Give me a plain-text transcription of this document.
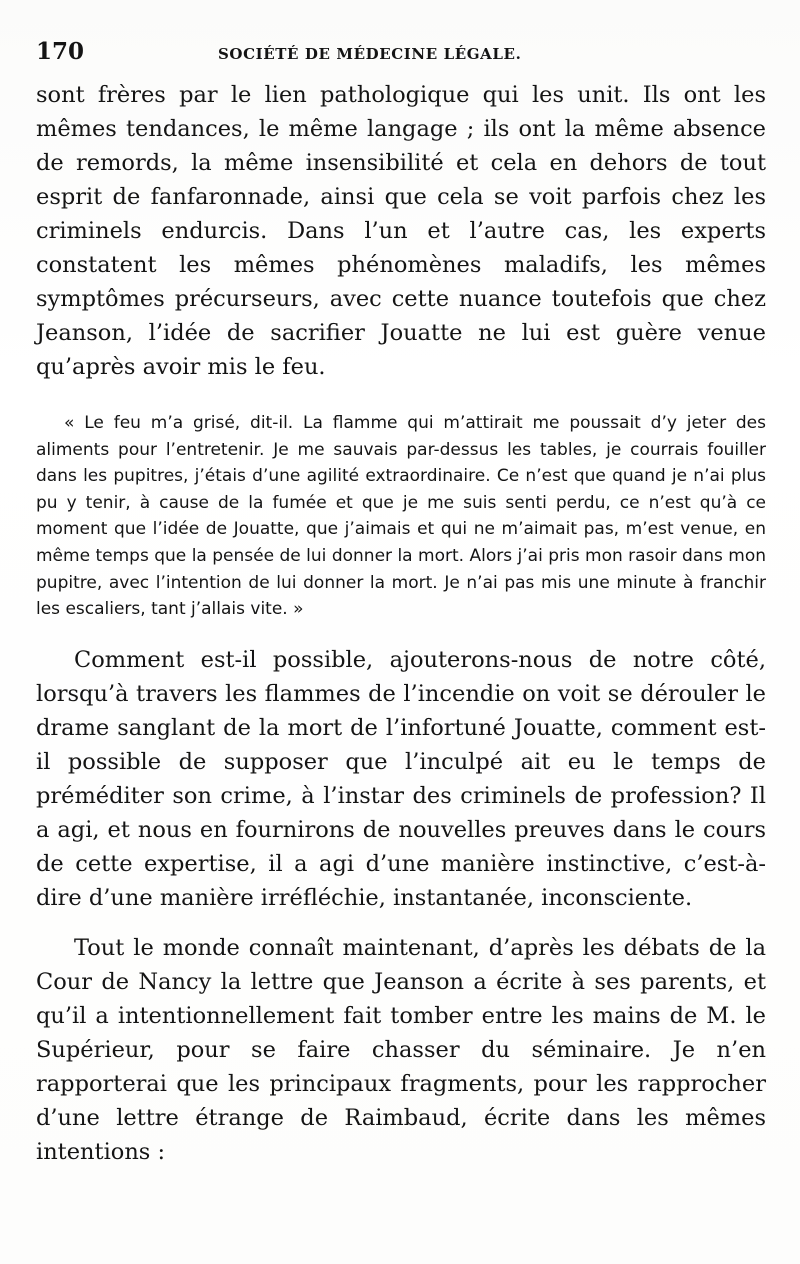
170	SOCIÉTÉ DE MÉDECINE LÉGALE.

sont frères par le lien pathologique qui les unit. Ils ont les mêmes tendances, le même langage ; ils ont la même absence de remords, la même insensibilité et cela en dehors de tout esprit de fanfaronnade, ainsi que cela se voit parfois chez les criminels endurcis. Dans l’un et l’autre cas, les experts constatent les mêmes phénomènes maladifs, les mêmes symptômes précurseurs, avec cette nuance toutefois que chez Jeanson, l’idée de sacrifier Jouatte ne lui est guère venue qu’après avoir mis le feu.

« Le feu m’a grisé, dit-il. La flamme qui m’attirait me poussait d’y jeter des aliments pour l’entretenir. Je me sauvais par-dessus les tables, je courrais fouiller dans les pupitres, j’étais d’une agilité extraordinaire. Ce n’est que quand je n’ai plus pu y tenir, à cause de la fumée et que je me suis senti perdu, ce n’est qu’à ce moment que l’idée de Jouatte, que j’aimais et qui ne m’aimait pas, m’est venue, en même temps que la pensée de lui donner la mort. Alors j’ai pris mon rasoir dans mon pupitre, avec l’intention de lui donner la mort. Je n’ai pas mis une minute à franchir les escaliers, tant j’allais vite. »

Comment est-il possible, ajouterons-nous de notre côté, lorsqu’à travers les flammes de l’incendie on voit se dérouler le drame sanglant de la mort de l’infortuné Jouatte, comment est-il possible de supposer que l’inculpé ait eu le temps de préméditer son crime, à l’instar des criminels de profession? Il a agi, et nous en fournirons de nouvelles preuves dans le cours de cette expertise, il a agi d’une manière instinctive, c’est-à-dire d’une manière irréfléchie, instantanée, inconsciente.

Tout le monde connaît maintenant, d’après les débats de la Cour de Nancy la lettre que Jeanson a écrite à ses parents, et qu’il a intentionnellement fait tomber entre les mains de M. le Supérieur, pour se faire chasser du séminaire. Je n’en rapporterai que les principaux fragments, pour les rapprocher d’une lettre étrange de Raimbaud, écrite dans les mêmes intentions :
